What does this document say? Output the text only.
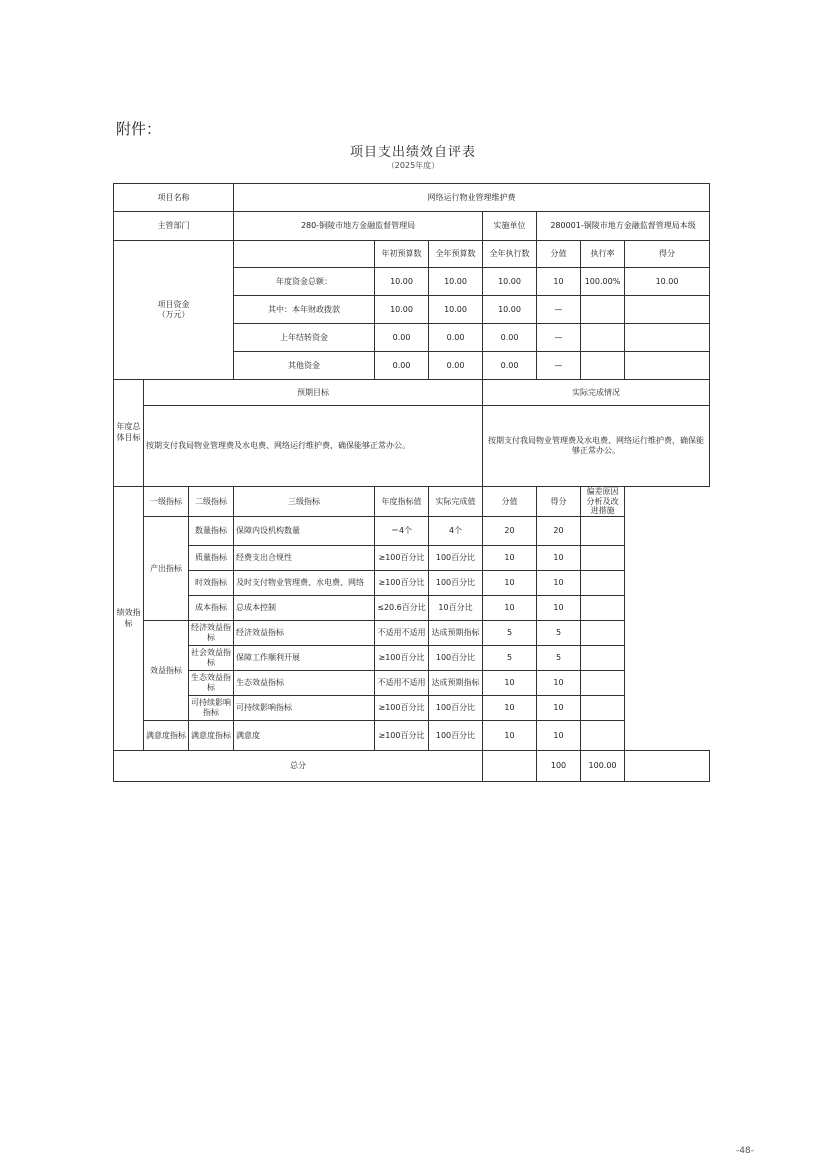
附件：
项目支出绩效自评表
（2025年度）
项目名称			网络运行物业管理维护费						
主管部门			280-铜陵市地方金融监督管理局			实施单位	280001-铜陵市地方金融监督管理局本级		
项目资金
（万元）				年初预算数	全年预算数	全年执行数	分值	执行率	得分
			年度资金总额：	10.00	10.00	10.00	10	100.00%	10.00
			其中：本年财政拨款	10.00	10.00	10.00	—		
			上年结转资金	0.00	0.00	0.00	—		
			其他资金	0.00	0.00	0.00	—		
年度总体目标	预期目标					实际完成情况			
	按期支付我局物业管理费及水电费、网络运行维护费，确保能够正常办公。					按期支付我局物业管理费及水电费、网络运行维护费，确保能够正常办公。			
绩效指标	一级指标	二级指标	三级指标	年度指标值	实际完成值	分值	得分	偏差原因分析及改进措施	
	产出指标	数量指标	保障内设机构数量	＝4个	4个	20	20		
		质量指标	经费支出合规性	≥100百分比	100百分比	10	10		
		时效指标	及时支付物业管理费、水电费、网络	≥100百分比	100百分比	10	10		
		成本指标	总成本控制	≤20.6百分比	10百分比	10	10		
	效益指标	经济效益指标	经济效益指标	不适用不适用	达成预期指标	5	5		
		社会效益指标	保障工作顺利开展	≥100百分比	100百分比	5	5		
		生态效益指标	生态效益指标	不适用不适用	达成预期指标	10	10		
		可持续影响指标	可持续影响指标	≥100百分比	100百分比	10	10		
	满意度指标	满意度指标	满意度	≥100百分比	100百分比	10	10		
总分							100	100.00	
-48-
